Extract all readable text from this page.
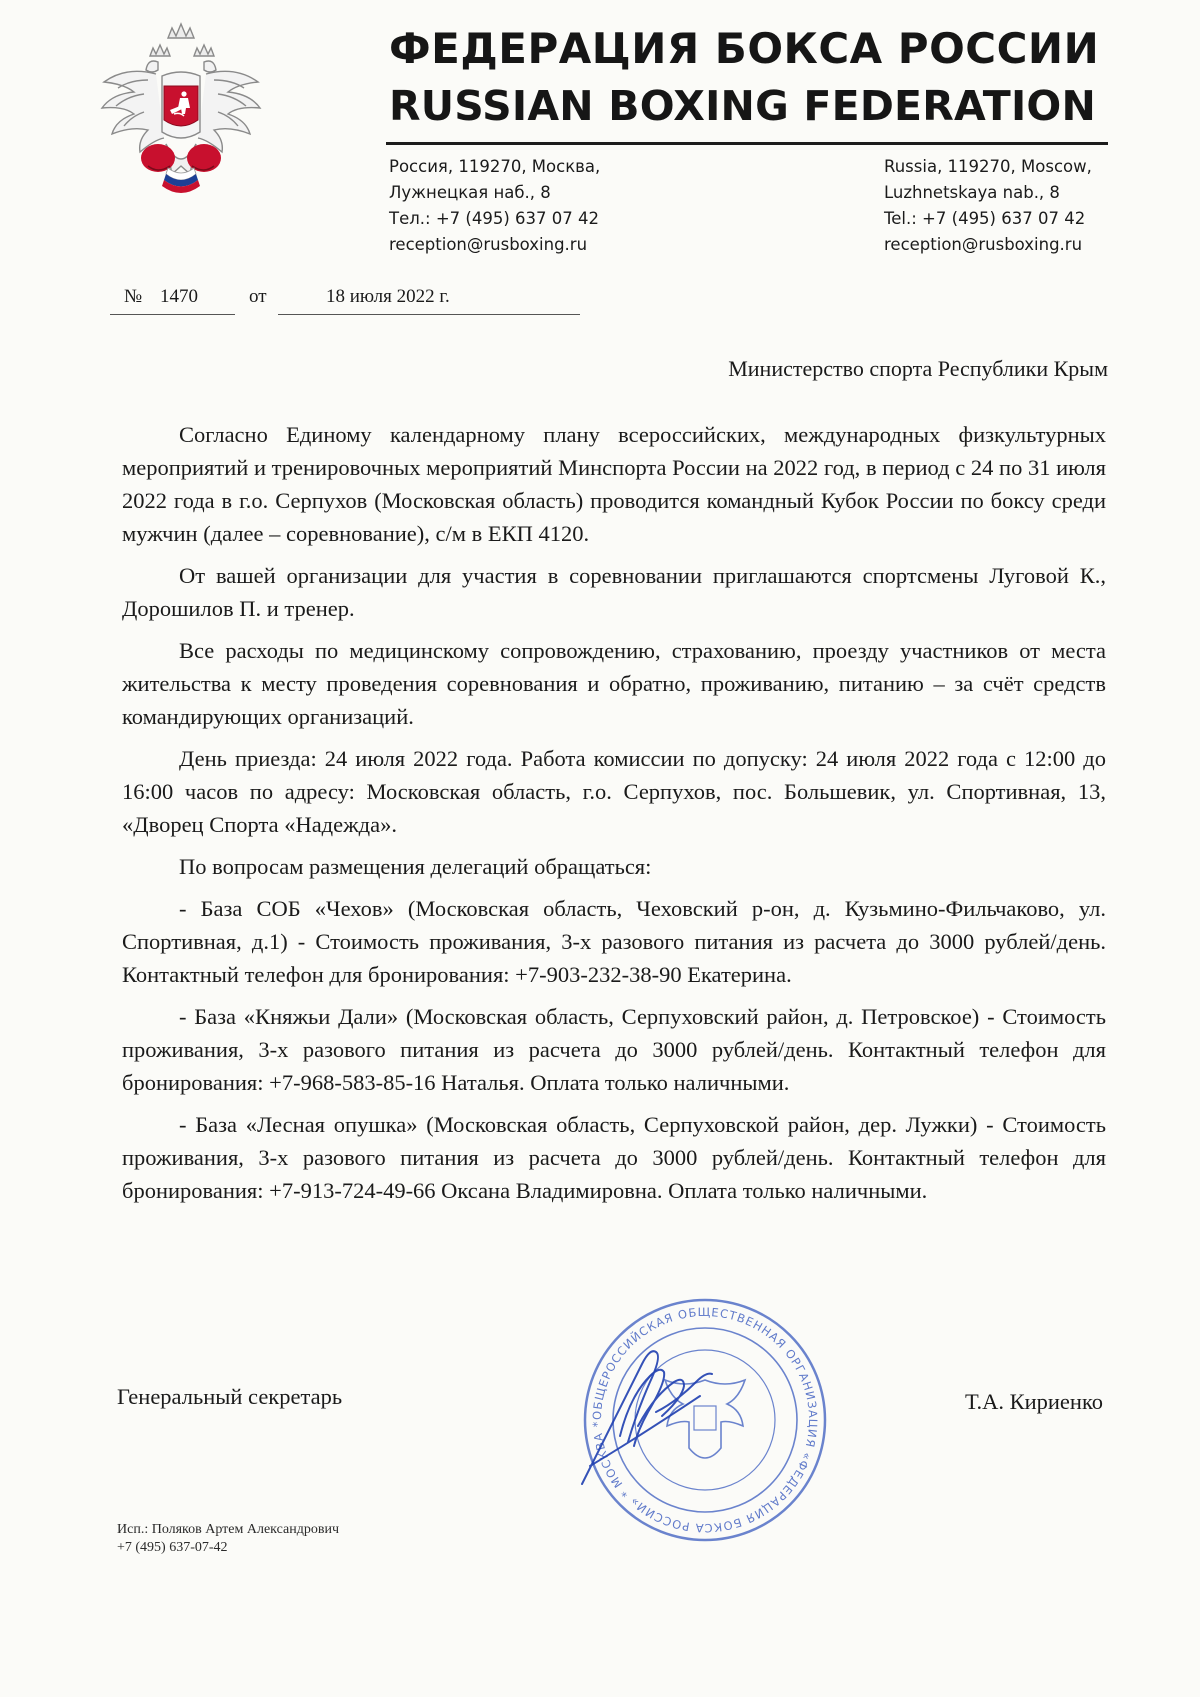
ФЕДЕРАЦИЯ БОКСА РОССИИ
RUSSIAN BOXING FEDERATION
Россия, 119270, Москва,
Лужнецкая наб., 8
Тел.: +7 (495) 637 07 42
reception@rusboxing.ru
Russia, 119270, Moscow,
Luzhnetskaya nab., 8
Tel.: +7 (495) 637 07 42
reception@rusboxing.ru
№ 1470	от	18 июля 2022 г.
Министерство спорта Республики Крым

Согласно Единому календарному плану всероссийских, международных физкультурных мероприятий и тренировочных мероприятий Минспорта России на 2022 год, в период с 24 по 31 июля 2022 года в г.о. Серпухов (Московская область) проводится командный Кубок России по боксу среди мужчин (далее – соревнование), с/м в ЕКП 4120.

От вашей организации для участия в соревновании приглашаются спортсмены Луговой К., Дорошилов П. и тренер.

Все расходы по медицинскому сопровождению, страхованию, проезду участников от места жительства к месту проведения соревнования и обратно, проживанию, питанию – за счёт средств командирующих организаций.

День приезда: 24 июля 2022 года. Работа комиссии по допуску: 24 июля 2022 года с 12:00 до 16:00 часов по адресу: Московская область, г.о. Серпухов, пос. Большевик, ул. Спортивная, 13, «Дворец Спорта «Надежда».

По вопросам размещения делегаций обращаться:

- База СОБ «Чехов» (Московская область, Чеховский р-он, д. Кузьмино-Фильчаково, ул. Спортивная, д.1) - Стоимость проживания, 3-х разового питания из расчета до 3000 рублей/день. Контактный телефон для бронирования: +7-903-232-38-90 Екатерина.

- База «Княжьи Дали» (Московская область, Серпуховский район, д. Петровское) - Стоимость проживания, 3-х разового питания из расчета до 3000 рублей/день. Контактный телефон для бронирования: +7-968-583-85-16 Наталья. Оплата только наличными.

- База «Лесная опушка» (Московская область, Серпуховской район, дер. Лужки) - Стоимость проживания, 3-х разового питания из расчета до 3000 рублей/день. Контактный телефон для бронирования: +7-913-724-49-66 Оксана Владимировна. Оплата только наличными.

Генеральный секретарь	Т.А. Кириенко
ОБЩЕРОССИЙСКАЯ ОБЩЕСТВЕННАЯ ОРГАНИЗАЦИЯ «ФЕДЕРАЦИЯ БОКСА РОССИИ» * МОСКВА *
Исп.: Поляков Артем Александрович
+7 (495) 637-07-42
